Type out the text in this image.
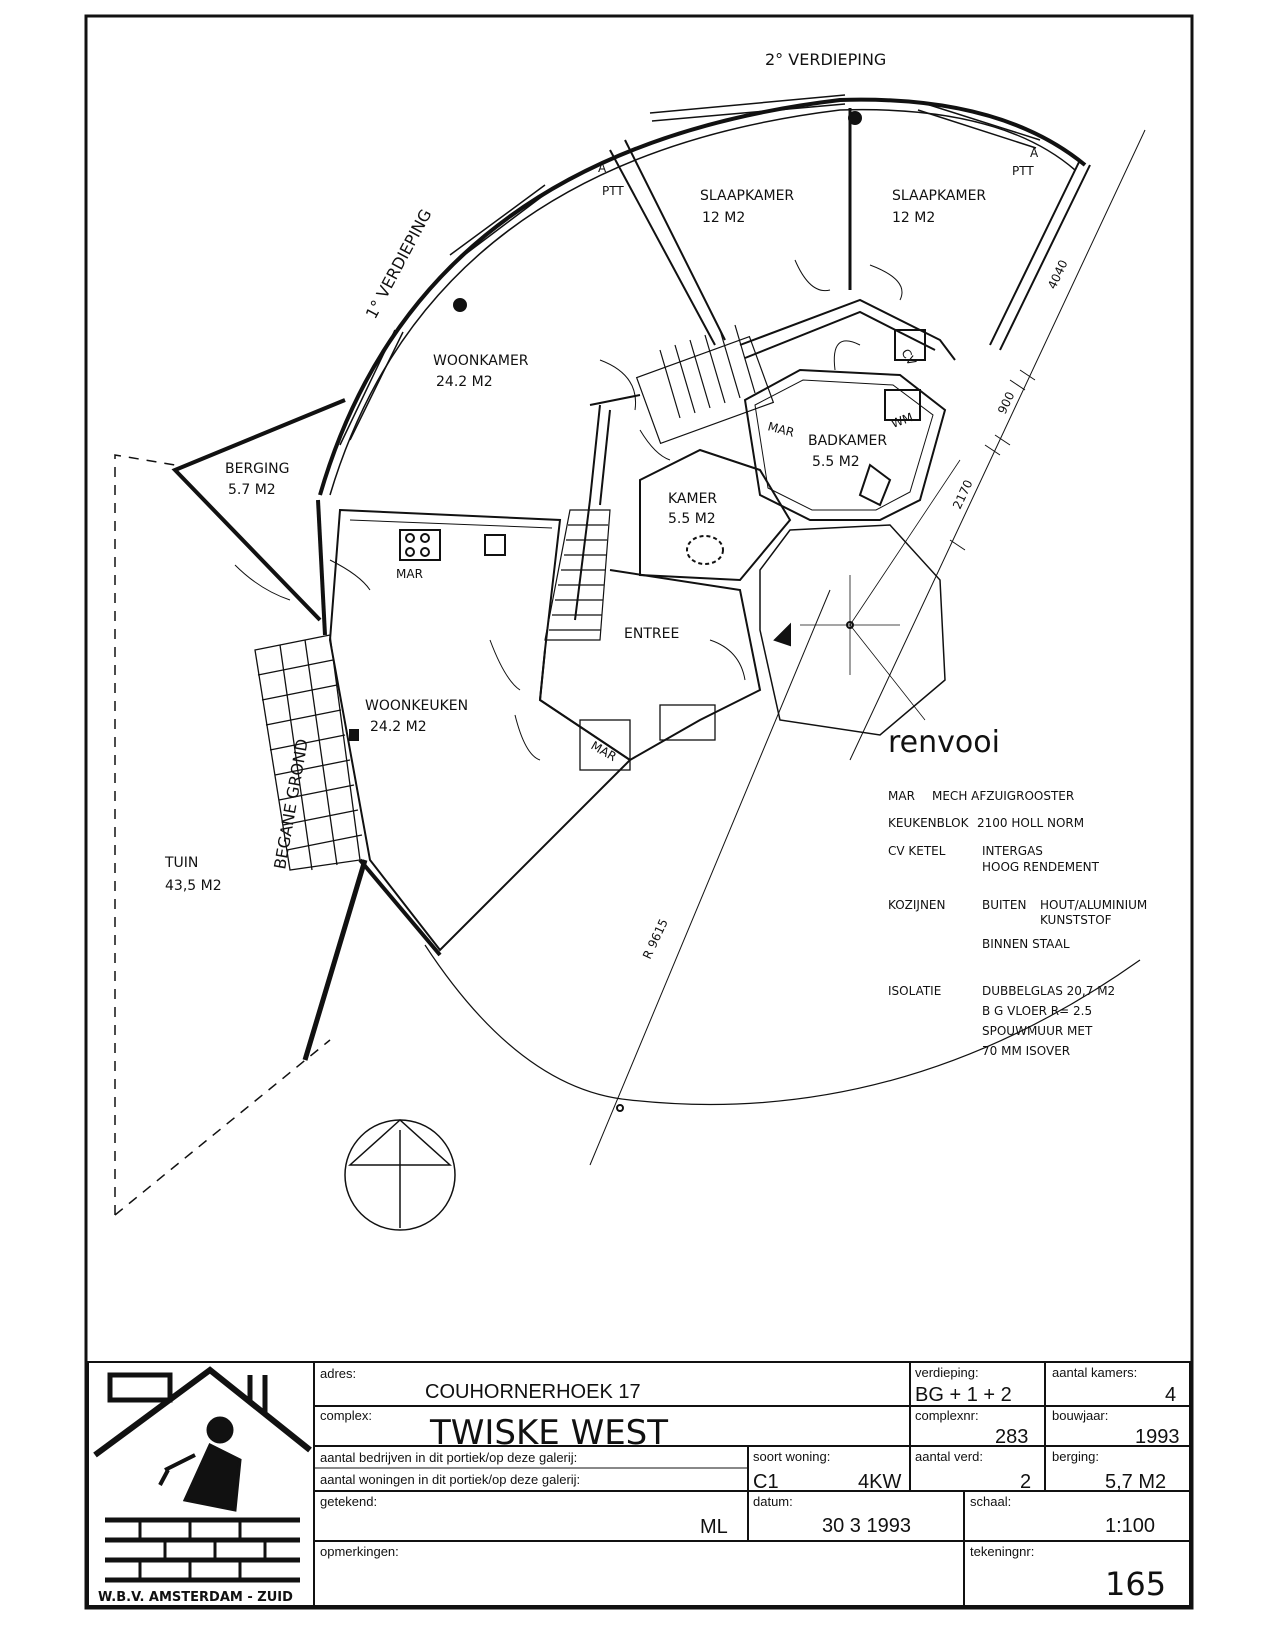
2° VERDIEPING
1° VERDIEPING
BEGANE GROND
SLAAPKAMER
12 M2
SLAAPKAMER
12 M2
WOONKAMER
24.2 M2
BERGING
5.7 M2
BADKAMER
5.5 M2
KAMER
5.5 M2
WOONKEUKEN
24.2 M2
TUIN
43,5 M2
ENTREE
MAR
MAR
MAR
A
PTT
A
PTT
CV
WM
4040
900
2170
R 9615
renvooi
MAR MECH AFZUIGROOSTER
KEUKENBLOK 2100 HOLL NORM
CV KETEL	INTERGAS
HOOG RENDEMENT
KOZIJNEN	BUITEN HOUT/ALUMINIUM
KUNSTSTOF
BINNEN STAAL
ISOLATIE	DUBBELGLAS 20,7 M2
B G VLOER R= 2.5
SPOUWMUUR MET
70 MM ISOVER
W.B.V. AMSTERDAM - ZUID
adres:
COUHORNERHOEK 17
complex: TWISKE WEST
verdieping:
BG + 1 + 2
aantal kamers:
4
complexnr:
283
bouwjaar:
1993
aantal bedrijven in dit portiek/op deze galerij:
aantal woningen in dit portiek/op deze galerij:
soort woning:
C1	4KW
aantal verd:
2
berging:
5,7 M2
getekend:
ML
datum:
30 3 1993
schaal:
1:100
opmerkingen:	tekeningnr:
165
